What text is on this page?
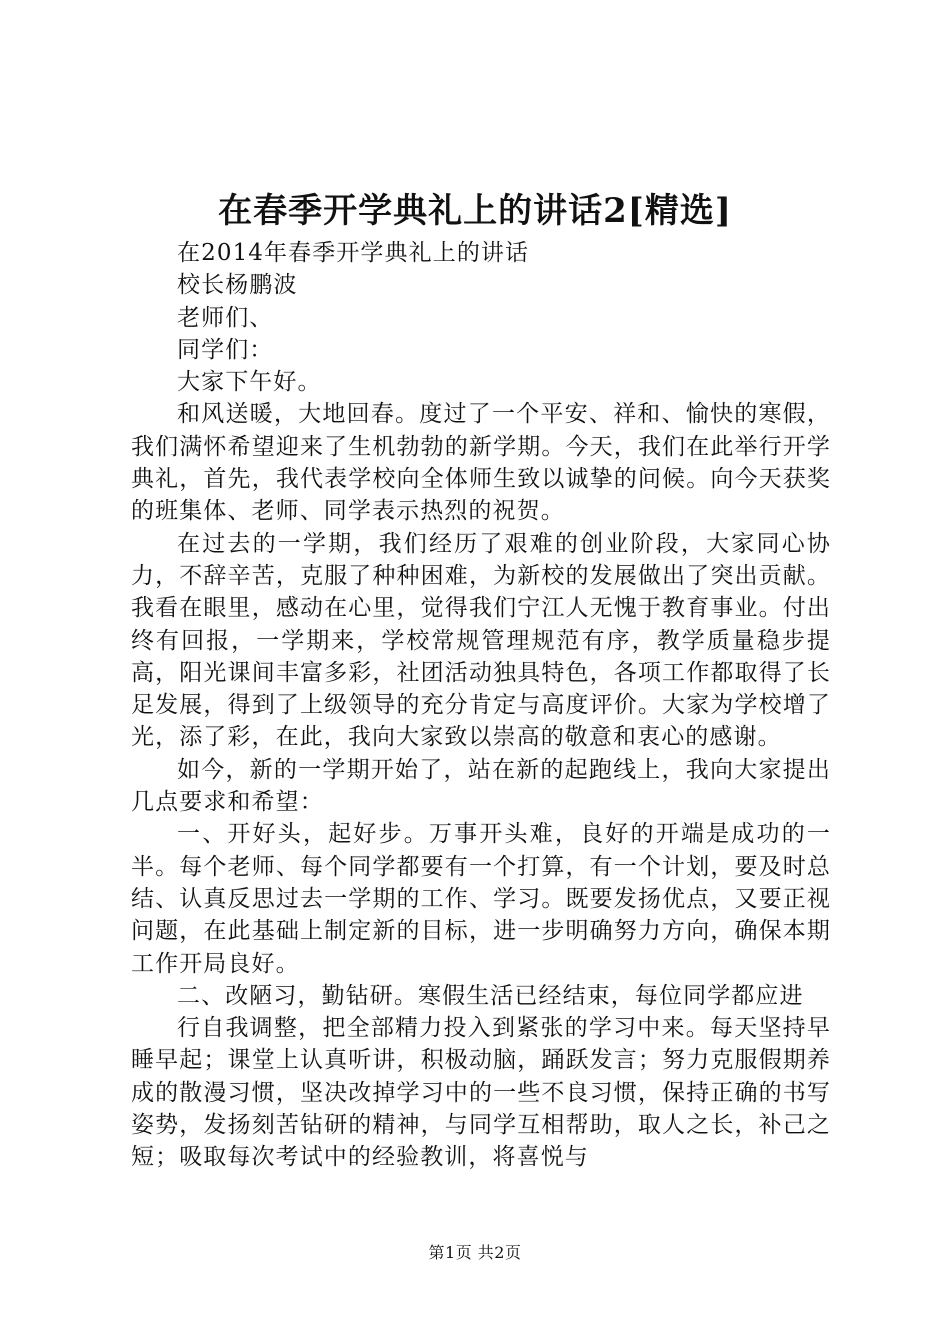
在春季开学典礼上的讲话2[精选]
在2014年春季开学典礼上的讲话
校长杨鹏波
老师们、
同学们：
大家下午好。
和风送暖，大地回春。度过了一个平安、祥和、愉快的寒假，我们满怀希望迎来了生机勃勃的新学期。今天，我们在此举行开学典礼，首先，我代表学校向全体师生致以诚挚的问候。向今天获奖的班集体、老师、同学表示热烈的祝贺。
在过去的一学期，我们经历了艰难的创业阶段，大家同心协力，不辞辛苦，克服了种种困难，为新校的发展做出了突出贡献。我看在眼里，感动在心里，觉得我们宁江人无愧于教育事业。付出终有回报，一学期来，学校常规管理规范有序，教学质量稳步提高，阳光课间丰富多彩，社团活动独具特色，各项工作都取得了长足发展，得到了上级领导的充分肯定与高度评价。大家为学校增了光，添了彩，在此，我向大家致以崇高的敬意和衷心的感谢。
如今，新的一学期开始了，站在新的起跑线上，我向大家提出几点要求和希望：
一、开好头，起好步。万事开头难，良好的开端是成功的一半。每个老师、每个同学都要有一个打算，有一个计划，要及时总结、认真反思过去一学期的工作、学习。既要发扬优点，又要正视问题，在此基础上制定新的目标，进一步明确努力方向，确保本期工作开局良好。
二、改陋习，勤钻研。寒假生活已经结束，每位同学都应进
行自我调整，把全部精力投入到紧张的学习中来。每天坚持早睡早起；课堂上认真听讲，积极动脑，踊跃发言；努力克服假期养成的散漫习惯，坚决改掉学习中的一些不良习惯，保持正确的书写姿势，发扬刻苦钻研的精神，与同学互相帮助，取人之长，补己之短；吸取每次考试中的经验教训，将喜悦与
第1页 共2页
